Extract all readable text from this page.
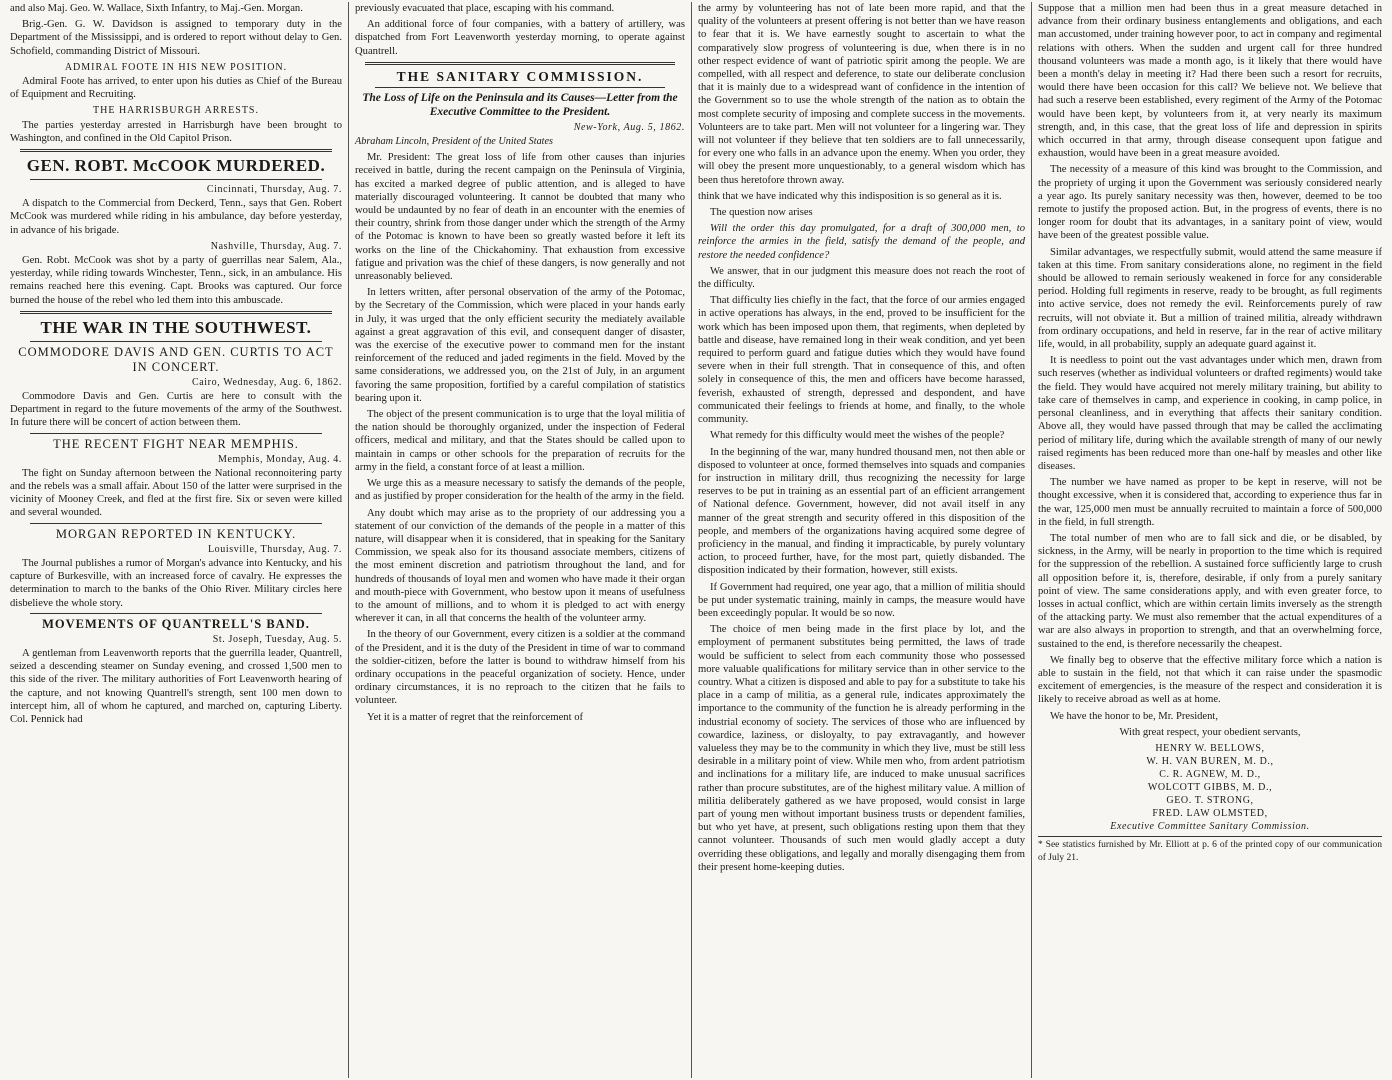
and also Maj. Geo. W. Wallace, Sixth Infantry, to Maj.-Gen. Morgan.

Brig.-Gen. G. W. Davidson is assigned to temporary duty in the Department of the Mississippi, and is ordered to report without delay to Gen. Schofield, commanding District of Missouri.

ADMIRAL FOOTE IN HIS NEW POSITION.

Admiral Foote has arrived, to enter upon his duties as Chief of the Bureau of Equipment and Recruiting.

THE HARRISBURGH ARRESTS.

The parties yesterday arrested in Harrisburgh have been brought to Washington, and confined in the Old Capitol Prison.

GEN. ROBT. McCOOK MURDERED.
Cincinnati, Thursday, Aug. 7.

A dispatch to the Commercial from Deckerd, Tenn., says that Gen. Robert McCook was murdered while riding in his ambulance, day before yesterday, in advance of his brigade.

Nashville, Thursday, Aug. 7.

Gen. Robt. McCook was shot by a party of guerrillas near Salem, Ala., yesterday, while riding towards Winchester, Tenn., sick, in an ambulance. His remains reached here this evening. Capt. Brooks was captured. Our force burned the house of the rebel who led them into this ambuscade.

THE WAR IN THE SOUTHWEST.
COMMODORE DAVIS AND GEN. CURTIS TO ACT IN CONCERT.
Cairo, Wednesday, Aug. 6, 1862.

Commodore Davis and Gen. Curtis are here to consult with the Department in regard to the future movements of the army of the Southwest. In future there will be concert of action between them.

THE RECENT FIGHT NEAR MEMPHIS.
Memphis, Monday, Aug. 4.

The fight on Sunday afternoon between the National reconnoitering party and the rebels was a small affair. About 150 of the latter were surprised in the vicinity of Mooney Creek, and fled at the first fire. Six or seven were killed and several wounded.

MORGAN REPORTED IN KENTUCKY.
Louisville, Thursday, Aug. 7.

The Journal publishes a rumor of Morgan's advance into Kentucky, and his capture of Burkesville, with an increased force of cavalry. He expresses the determination to march to the banks of the Ohio River. Military circles here disbelieve the whole story.

MOVEMENTS OF QUANTRELL'S BAND.
St. Joseph, Tuesday, Aug. 5.

A gentleman from Leavenworth reports that the guerrilla leader, Quantrell, seized a descending steamer on Sunday evening, and crossed 1,500 men to this side of the river. The military authorities of Fort Leavenworth hearing of the capture, and not knowing Quantrell's strength, sent 100 men down to intercept him, all of whom he captured, and marched on, capturing Liberty. Col. Pennick had

previously evacuated that place, escaping with his command.

An additional force of four companies, with a battery of artillery, was dispatched from Fort Leavenworth yesterday morning, to operate against Quantrell.

THE SANITARY COMMISSION.
The Loss of Life on the Peninsula and its Causes—Letter from the Executive Committee to the President.
New-York, Aug. 5, 1862.

Abraham Lincoln, President of the United States

Mr. President: The great loss of life from other causes than injuries received in battle, during the recent campaign on the Peninsula of Virginia, has excited a marked degree of public attention, and is alleged to have materially discouraged volunteering. It cannot be doubted that many who would be undaunted by no fear of death in an encounter with the enemies of their country, shrink from those danger under which the strength of the Army of the Potomac is known to have been so greatly wasted before it left its works on the line of the Chickahominy. That exhaustion from excessive fatigue and privation was the chief of these dangers, is now generally and not unreasonably believed.

In letters written, after personal observation of the army of the Potomac, by the Secretary of the Commission, which were placed in your hands early in July, it was urged that the only efficient security the mediately available against a great aggravation of this evil, and consequent danger of disaster, was the exercise of the executive power to command men for the instant reinforcement of the reduced and jaded regiments in the field. Moved by the same considerations, we addressed you, on the 21st of July, in an argument favoring the same proposition, fortified by a careful compilation of statistics bearing upon it.

The object of the present communication is to urge that the loyal militia of the nation should be thoroughly organized, under the inspection of Federal officers, medical and military, and that the States should be called upon to maintain in camps or other schools for the preparation of recruits for the army in the field, a constant force of at least a million.

We urge this as a measure necessary to satisfy the demands of the people, and as justified by proper consideration for the health of the army in the field.

Any doubt which may arise as to the propriety of our addressing you a statement of our conviction of the demands of the people in a matter of this nature, will disappear when it is considered, that in speaking for the Sanitary Commission, we speak also for its thousand associate members, citizens of the most eminent discretion and patriotism throughout the land, and for hundreds of thousands of loyal men and women who have made it their organ and mouth-piece with Government, who bestow upon it means of usefulness to the amount of millions, and to whom it is pledged to act with energy wherever it can, in all that concerns the health of the volunteer army.

In the theory of our Government, every citizen is a soldier at the command of the President, and it is the duty of the President in time of war to command the soldier-citizen, before the latter is bound to withdraw himself from his ordinary occupations in the peaceful organization of society. Hence, under ordinary circumstances, it is no reproach to the citizen that he fails to volunteer.

Yet it is a matter of regret that the reinforcement of

the army by volunteering has not of late been more rapid, and that the quality of the volunteers at present offering is not better than we have reason to fear that it is. We have earnestly sought to ascertain to what the comparatively slow progress of volunteering is due, when there is in no other respect evidence of want of patriotic spirit among the people. We are compelled, with all respect and deference, to state our deliberate conclusion that it is mainly due to a widespread want of confidence in the intention of the Government so to use the whole strength of the nation as to obtain the most complete security of imposing and complete success in the movements. Volunteers are to take part. Men will not volunteer for a lingering war. They will not volunteer if they believe that ten soldiers are to fall unnecessarily, for every one who falls in an advance upon the enemy. When you order, they will obey the present more unquestionably, to a general wisdom which has been thus heretofore thrown away.

think that we have indicated why this indisposition is so general as it is.

The question now arises

Will the order this day promulgated, for a draft of 300,000 men, to reinforce the armies in the field, satisfy the demand of the people, and restore the needed confidence?

We answer, that in our judgment this measure does not reach the root of the difficulty.

That difficulty lies chiefly in the fact, that the force of our armies engaged in active operations has always, in the end, proved to be insufficient for the work which has been imposed upon them, that regiments, when depleted by battle and disease, have remained long in their weak condition, and yet been required to perform guard and fatigue duties which they would have found severe when in their full strength. That in consequence of this, and often solely in consequence of this, the men and officers have become harassed, feverish, exhausted of strength, depressed and despondent, and have communicated their feelings to friends at home, and finally, to the whole community.

What remedy for this difficulty would meet the wishes of the people?

In the beginning of the war, many hundred thousand men, not then able or disposed to volunteer at once, formed themselves into squads and companies for instruction in military drill, thus recognizing the necessity for large reserves to be put in training as an essential part of an efficient arrangement of National defence. Government, however, did not avail itself in any manner of the great strength and security offered in this disposition of the people, and members of the organizations having acquired some degree of proficiency in the manual, and finding it impracticable, by purely voluntary action, to proceed further, have, for the most part, quietly disbanded. The disposition indicated by their formation, however, still exists.

If Government had required, one year ago, that a million of militia should be put under systematic training, mainly in camps, the measure would have been exceedingly popular. It would be so now.

The choice of men being made in the first place by lot, and the employment of permanent substitutes being permitted, the laws of trade would be sufficient to select from each community those who possessed more valuable qualifications for military service than in other service to the country. What a citizen is disposed and able to pay for a substitute to take his place in a camp of militia, as a general rule, indicates approximately the importance to the community of the function he is already performing in the industrial economy of society. The services of those who are influenced by cowardice, laziness, or disloyalty, to pay extravagantly, and however valueless they may be to the community in which they live, must be still less desirable in a military point of view. While men who, from ardent patriotism and inclinations for a military life, are induced to make unusual sacrifices rather than procure substitutes, are of the highest military value. A million of militia deliberately gathered as we have proposed, would consist in large part of young men without important business trusts or dependent families, but who yet have, at present, such obligations resting upon them that they cannot volunteer. Thousands of such men would gladly accept a duty overriding these obligations, and legally and morally disengaging them from their present home-keeping duties.

Suppose that a million men had been thus in a great measure detached in advance from their ordinary business entanglements and obligations, and each man accustomed, under training however poor, to act in company and regimental relations with others. When the sudden and urgent call for three hundred thousand volunteers was made a month ago, is it likely that there would have been a month's delay in meeting it? Had there been such a resort for recruits, would there have been occasion for this call? We believe not. We believe that had such a reserve been established, every regiment of the Army of the Potomac would have been kept, by volunteers from it, at very nearly its maximum strength, and, in this case, that the great loss of life and depression in spirits which occurred in that army, through disease consequent upon fatigue and exhaustion, would have been in a great measure avoided.

The necessity of a measure of this kind was brought to the Commission, and the propriety of urging it upon the Government was seriously considered nearly a year ago. Its purely sanitary necessity was then, however, deemed to be too remote to justify the proposed action. But, in the progress of events, there is no longer room for doubt that its advantages, in a sanitary point of view, would have been of the greatest possible value.

Similar advantages, we respectfully submit, would attend the same measure if taken at this time. From sanitary considerations alone, no regiment in the field should be allowed to remain seriously weakened in force for any considerable period. Holding full regiments in reserve, ready to be brought, as full regiments into active service, does not remedy the evil. Reinforcements purely of raw recruits, will not obviate it. But a million of trained militia, already withdrawn from ordinary occupations, and held in reserve, far in the rear of active military life, would, in all probability, supply an adequate guard against it.

It is needless to point out the vast advantages under which men, drawn from such reserves (whether as individual volunteers or drafted regiments) would take the field. They would have acquired not merely military training, but ability to take care of themselves in camp, and experience in cooking, in camp police, in personal cleanliness, and in everything that affects their sanitary condition. Above all, they would have passed through that may be called the acclimating period of military life, during which the available strength of many of our newly raised regiments has been reduced more than one-half by measles and other like diseases.

The number we have named as proper to be kept in reserve, will not be thought excessive, when it is considered that, according to experience thus far in the war, 125,000 men must be annually recruited to maintain a force of 500,000 in the field, in full strength.

The total number of men who are to fall sick and die, or be disabled, by sickness, in the Army, will be nearly in proportion to the time which is required for the suppression of the rebellion. A sustained force sufficiently large to crush all opposition before it, is, therefore, desirable, if only from a purely sanitary point of view. The same considerations apply, and with even greater force, to losses in actual conflict, which are within certain limits inversely as the strength of the attacking party. We must also remember that the actual expenditures of a war are also always in proportion to strength, and that an overwhelming force, sustained to the end, is therefore necessarily the cheapest.

We finally beg to observe that the effective military force which a nation is able to sustain in the field, not that which it can raise under the spasmodic excitement of emergencies, is the measure of the respect and consideration it is likely to receive abroad as well as at home.

We have the honor to be, Mr. President,

With great respect, your obedient servants,

HENRY W. BELLOWS,
W. H. VAN BUREN, M. D.,
C. R. AGNEW, M. D.,
WOLCOTT GIBBS, M. D.,
GEO. T. STRONG,
FRED. LAW OLMSTED,
Executive Committee Sanitary Commission.

* See statistics furnished by Mr. Elliott at p. 6 of the printed copy of our communication of July 21.
